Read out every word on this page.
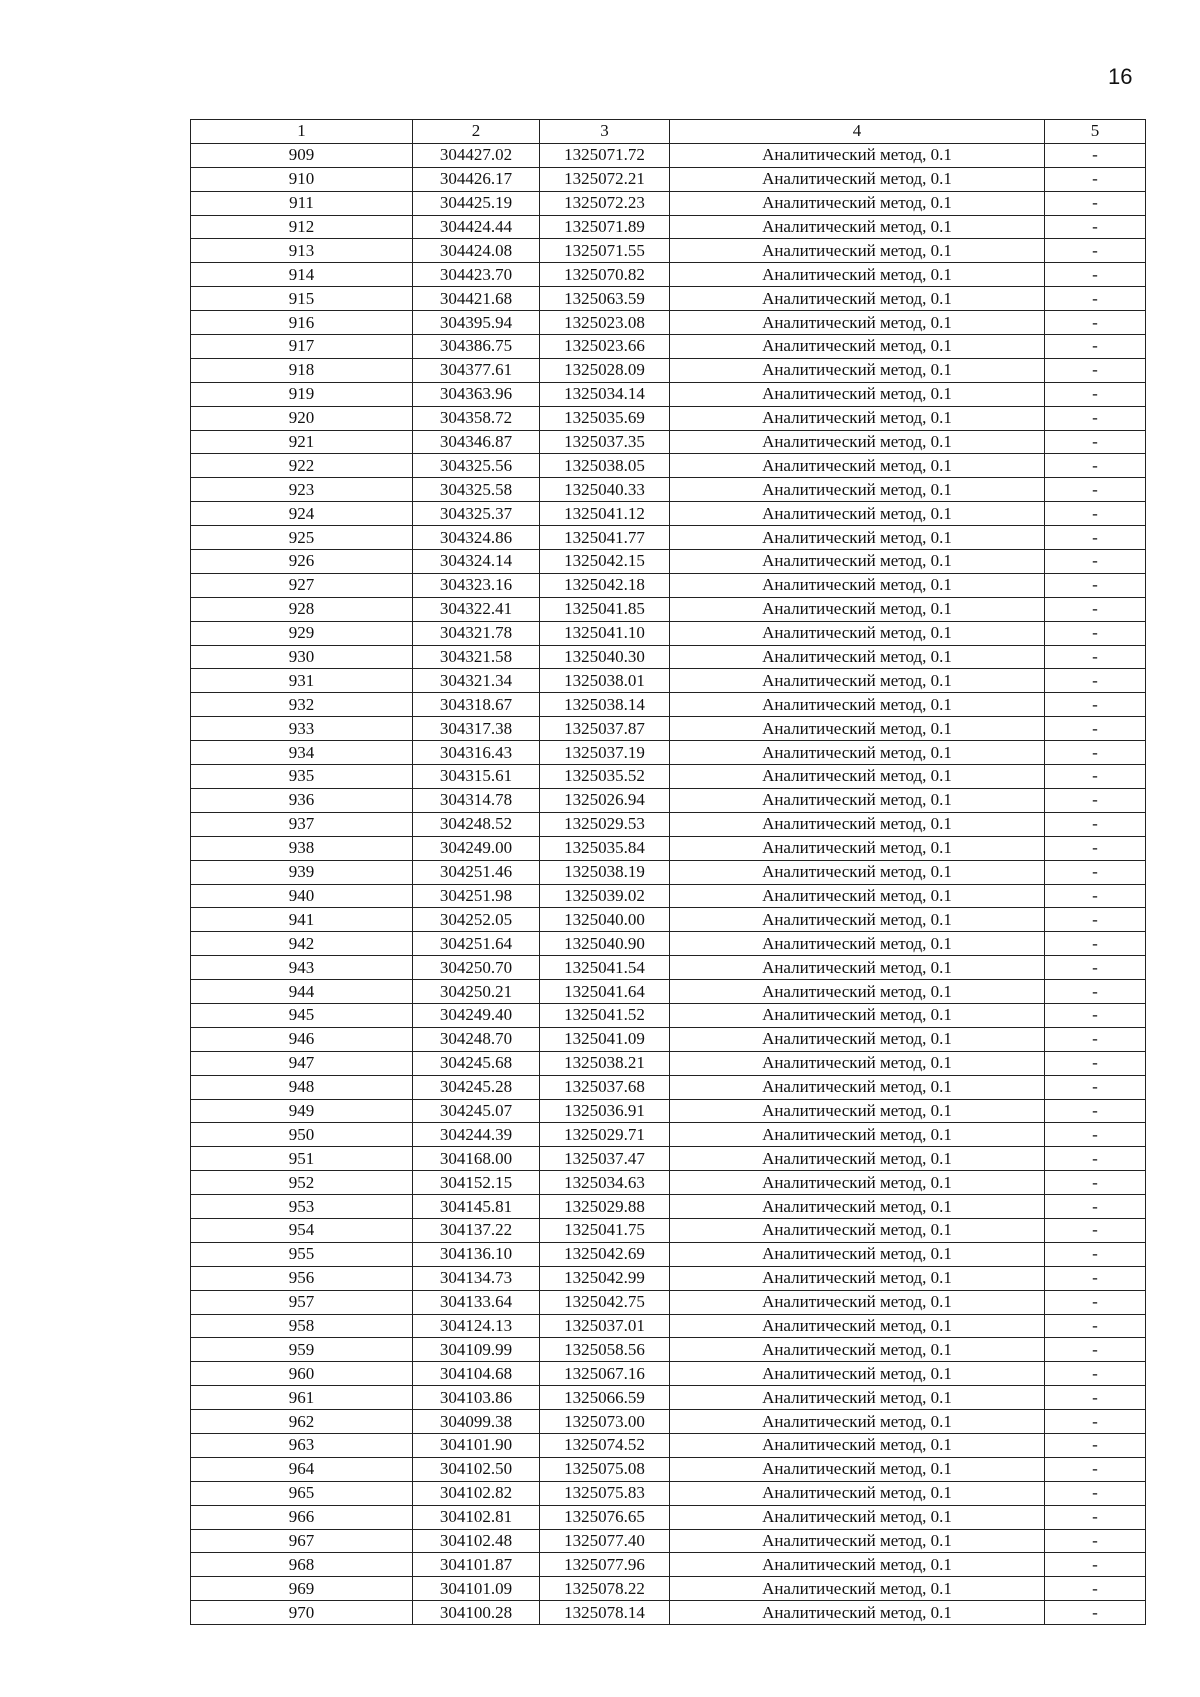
16
1	2	3	4	5
909	304427.02	1325071.72	Аналитический метод, 0.1	-
910	304426.17	1325072.21	Аналитический метод, 0.1	-
911	304425.19	1325072.23	Аналитический метод, 0.1	-
912	304424.44	1325071.89	Аналитический метод, 0.1	-
913	304424.08	1325071.55	Аналитический метод, 0.1	-
914	304423.70	1325070.82	Аналитический метод, 0.1	-
915	304421.68	1325063.59	Аналитический метод, 0.1	-
916	304395.94	1325023.08	Аналитический метод, 0.1	-
917	304386.75	1325023.66	Аналитический метод, 0.1	-
918	304377.61	1325028.09	Аналитический метод, 0.1	-
919	304363.96	1325034.14	Аналитический метод, 0.1	-
920	304358.72	1325035.69	Аналитический метод, 0.1	-
921	304346.87	1325037.35	Аналитический метод, 0.1	-
922	304325.56	1325038.05	Аналитический метод, 0.1	-
923	304325.58	1325040.33	Аналитический метод, 0.1	-
924	304325.37	1325041.12	Аналитический метод, 0.1	-
925	304324.86	1325041.77	Аналитический метод, 0.1	-
926	304324.14	1325042.15	Аналитический метод, 0.1	-
927	304323.16	1325042.18	Аналитический метод, 0.1	-
928	304322.41	1325041.85	Аналитический метод, 0.1	-
929	304321.78	1325041.10	Аналитический метод, 0.1	-
930	304321.58	1325040.30	Аналитический метод, 0.1	-
931	304321.34	1325038.01	Аналитический метод, 0.1	-
932	304318.67	1325038.14	Аналитический метод, 0.1	-
933	304317.38	1325037.87	Аналитический метод, 0.1	-
934	304316.43	1325037.19	Аналитический метод, 0.1	-
935	304315.61	1325035.52	Аналитический метод, 0.1	-
936	304314.78	1325026.94	Аналитический метод, 0.1	-
937	304248.52	1325029.53	Аналитический метод, 0.1	-
938	304249.00	1325035.84	Аналитический метод, 0.1	-
939	304251.46	1325038.19	Аналитический метод, 0.1	-
940	304251.98	1325039.02	Аналитический метод, 0.1	-
941	304252.05	1325040.00	Аналитический метод, 0.1	-
942	304251.64	1325040.90	Аналитический метод, 0.1	-
943	304250.70	1325041.54	Аналитический метод, 0.1	-
944	304250.21	1325041.64	Аналитический метод, 0.1	-
945	304249.40	1325041.52	Аналитический метод, 0.1	-
946	304248.70	1325041.09	Аналитический метод, 0.1	-
947	304245.68	1325038.21	Аналитический метод, 0.1	-
948	304245.28	1325037.68	Аналитический метод, 0.1	-
949	304245.07	1325036.91	Аналитический метод, 0.1	-
950	304244.39	1325029.71	Аналитический метод, 0.1	-
951	304168.00	1325037.47	Аналитический метод, 0.1	-
952	304152.15	1325034.63	Аналитический метод, 0.1	-
953	304145.81	1325029.88	Аналитический метод, 0.1	-
954	304137.22	1325041.75	Аналитический метод, 0.1	-
955	304136.10	1325042.69	Аналитический метод, 0.1	-
956	304134.73	1325042.99	Аналитический метод, 0.1	-
957	304133.64	1325042.75	Аналитический метод, 0.1	-
958	304124.13	1325037.01	Аналитический метод, 0.1	-
959	304109.99	1325058.56	Аналитический метод, 0.1	-
960	304104.68	1325067.16	Аналитический метод, 0.1	-
961	304103.86	1325066.59	Аналитический метод, 0.1	-
962	304099.38	1325073.00	Аналитический метод, 0.1	-
963	304101.90	1325074.52	Аналитический метод, 0.1	-
964	304102.50	1325075.08	Аналитический метод, 0.1	-
965	304102.82	1325075.83	Аналитический метод, 0.1	-
966	304102.81	1325076.65	Аналитический метод, 0.1	-
967	304102.48	1325077.40	Аналитический метод, 0.1	-
968	304101.87	1325077.96	Аналитический метод, 0.1	-
969	304101.09	1325078.22	Аналитический метод, 0.1	-
970	304100.28	1325078.14	Аналитический метод, 0.1	-
